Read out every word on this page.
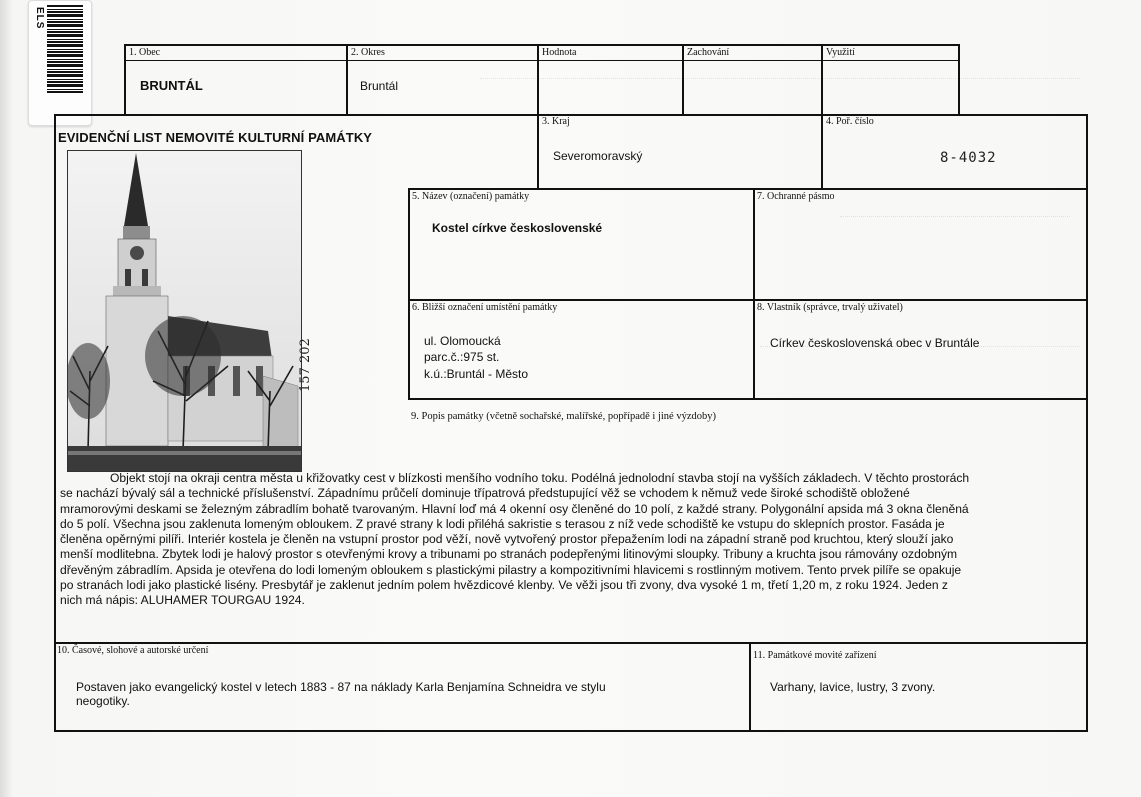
ELS
1. Obec
BRUNTÁL
2. Okres
Bruntál
Hodnota	Zachování	Využití
EVIDENČNÍ LIST NEMOVITÉ KULTURNÍ PAMÁTKY
3. Kraj
Severomoravský
4. Poř. číslo
8-4032
5. Název (označení) památky
Kostel církve československé
7. Ochranné pásmo
6. Bližší označení umístění památky
ul. Olomoucká
parc.č.:975 st.
k.ú.:Bruntál - Město
8. Vlastník (správce, trvalý uživatel)
Církev československá obec v Bruntále
9. Popis památky (včetně sochařské, malířské, popřípadě i jiné výzdoby)
157 202
Objekt stojí na okraji centra města u křižovatky cest v blízkosti menšího vodního toku. Podélná jednolodní stavba stojí na vyšších základech. V těchto prostorách
se nachází bývalý sál a technické příslušenství. Západnímu průčelí dominuje třípatrová předstupující věž se vchodem k němuž vede široké schodiště obložené
mramorovými deskami se železným zábradlím bohatě tvarovaným. Hlavní loď má 4 okenní osy členěné do 10 polí, z každé strany. Polygonální apsida má 3 okna členěná
do 5 polí. Všechna jsou zaklenuta lomeným obloukem. Z pravé strany k lodi přiléhá sakristie s terasou z níž vede schodiště ke vstupu do sklepních prostor. Fasáda je
členěna opěrnými pilíři. Interiér kostela je členěn na vstupní prostor pod věží, nově vytvořený prostor přepažením lodi na západní straně pod kruchtou, který slouží jako
menší modlitebna. Zbytek lodi je halový prostor s otevřenými krovy a tribunami po stranách podepřenými litinovými sloupky. Tribuny a kruchta jsou rámovány ozdobným
dřevěným zábradlím. Apsida je otevřena do lodi lomeným obloukem s plastickými pilastry a kompozitivními hlavicemi s rostlinným motivem. Tento prvek pilíře se opakuje
po stranách lodi jako plastické lisény. Presbytář je zaklenut jedním polem hvězdicové klenby. Ve věži jsou tři zvony, dva vysoké 1 m, třetí 1,20 m, z roku 1924. Jeden z
nich má nápis: ALUHAMER TOURGAU 1924.
10. Časové, slohové a autorské určení
Postaven jako evangelický kostel v letech 1883 - 87 na náklady Karla Benjamína Schneidra ve stylu
neogotiky.
11. Památkové movité zařízení
Varhany, lavice, lustry, 3 zvony.
